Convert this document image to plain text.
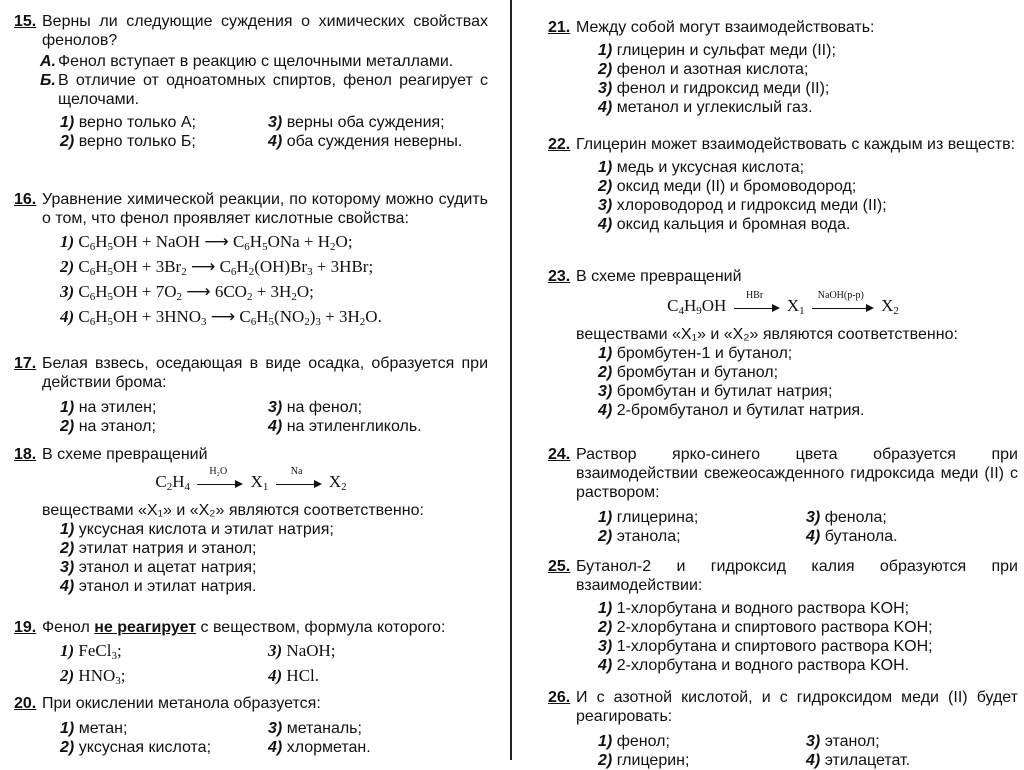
15. Верны ли следующие суждения о химических свойствах фенолов?
А. Фенол вступает в реакцию с щелочными металлами.
Б. В отличие от одноатомных спиртов, фенол реагирует с щелочами.
1) верно только А;	3) верны оба суждения;
2) верно только Б;	4) оба суждения неверны.
16. Уравнение химической реакции, по которому можно судить о том, что фенол проявляет кислотные свойства:
1) $C_6H_5OH$ + NaOH ⟶ $C_6H_5ONa + H_2O$;
2) $C_6H_5OH + 3Br_2$ ⟶ $C_6H_2(OH)Br_3 + 3HBr$;
3) $C_6H_5OH + 7O_2$ ⟶ $6CO_2 + 3H_2O$;
4) $C_6H_5OH + 3HNO_3$ ⟶ $C_6H_5(NO_2)_3 + 3H_2O$.
17. Белая взвесь, оседающая в виде осадка, образуется при действии брома:
1) на этилен;	3) на фенол;
2) на этанол;	4) на этиленгликоль.
18. В схеме превращений
$C_2H_4$
H₂O
$X_1$
Na
$X_2$
веществами «X₁» и «X₂» являются соответственно:
1) уксусная кислота и этилат натрия;
2) этилат натрия и этанол;
3) этанол и ацетат натрия;
4) этанол и этилат натрия.
19. Фенол не реагирует с веществом, формула которого:
1) FeCl$_3$;	3) NaOH;
2) $HNO_3$;	4) HCl.
20. При окислении метанола образуется:
1) метан;	3) метаналь;
2) уксусная кислота;	4) хлорметан.
21. Между собой могут взаимодействовать:
1) глицерин и сульфат меди (II);
2) фенол и азотная кислота;
3) фенол и гидроксид меди (II);
4) метанол и углекислый газ.
22. Глицерин может взаимодействовать с каждым из веществ:
1) медь и уксусная кислота;
2) оксид меди (II) и бромоводород;
3) хлороводород и гидроксид меди (II);
4) оксид кальция и бромная вода.
23. В схеме превращений
$C_4H_9OH$
HBr
$X_1$
NaOH(р-р)
$X_2$
веществами «X₁» и «X₂» являются соответственно:
1) бромбутен-1 и бутанол;
2) бромбутан и бутанол;
3) бромбутан и бутилат натрия;
4) 2-бромбутанол и бутилат натрия.
24. Раствор ярко-синего цвета образуется при взаимодействии свежеосажденного гидроксида меди (II) с раствором:
1) глицерина;	3) фенола;
2) этанола;	4) бутанола.
25. Бутанол-2 и гидроксид калия образуются при взаимодействии:
1) 1-хлорбутана и водного раствора KOH;
2) 2-хлорбутана и спиртового раствора KOH;
3) 1-хлорбутана и спиртового раствора KOH;
4) 2-хлорбутана и водного раствора KOH.
26. И с азотной кислотой, и с гидроксидом меди (II) будет реагировать:
1) фенол;	3) этанол;
2) глицерин;	4) этилацетат.
